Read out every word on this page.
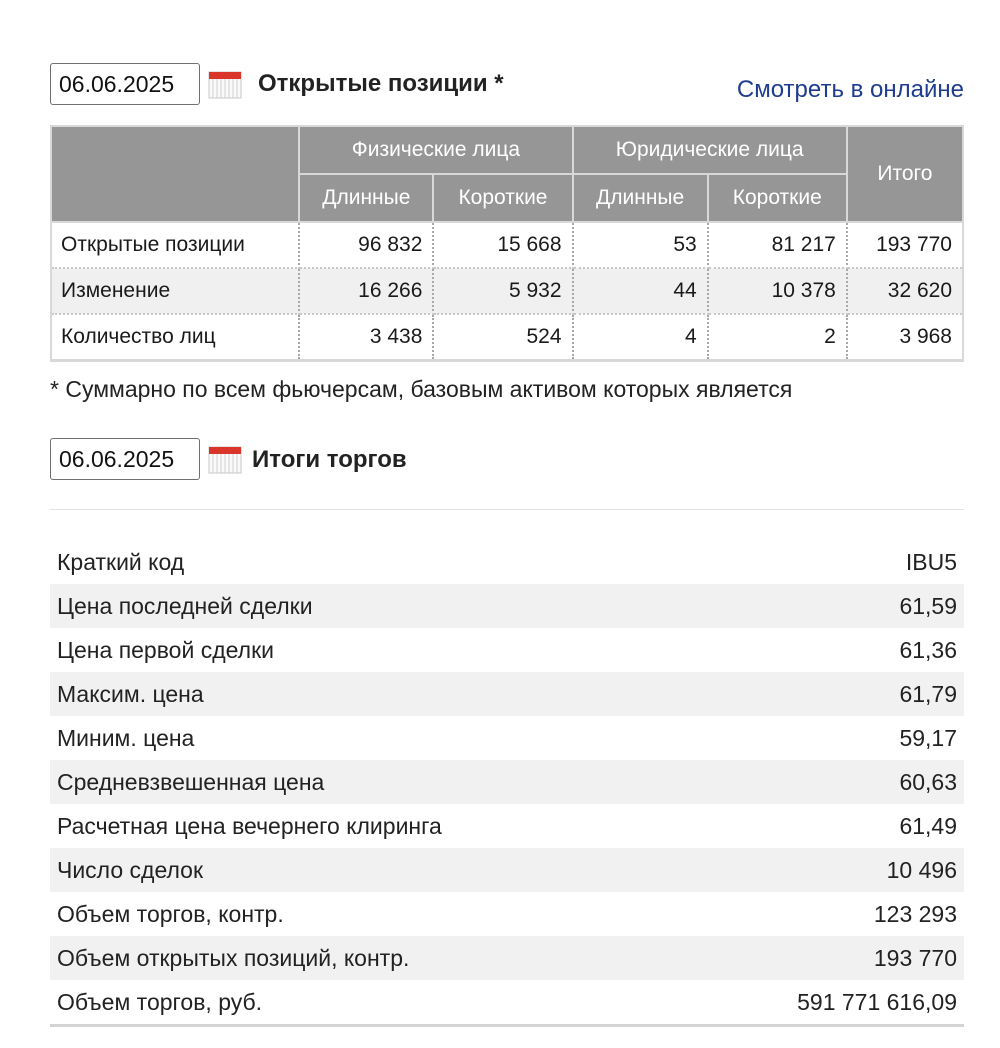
06.06.2025	Открытые позиции *	Смотреть в онлайне
	Физические лица		Юридические лица		Итого
	Длинные	Короткие	Длинные	Короткие	
Открытые позиции	96 832	15 668	53	81 217	193 770
Изменение	16 266	5 932	44	10 378	32 620
Количество лиц	3 438	524	4	2	3 968
* Суммарно по всем фьючерсам, базовым активом которых является
06.06.2025	Итоги торгов
Краткий код	IBU5
Цена последней сделки	61,59
Цена первой сделки	61,36
Максим. цена	61,79
Миним. цена	59,17
Средневзвешенная цена	60,63
Расчетная цена вечернего клиринга	61,49
Число сделок	10 496
Объем торгов, контр.	123 293
Объем открытых позиций, контр.	193 770
Объем торгов, руб.	591 771 616,09
